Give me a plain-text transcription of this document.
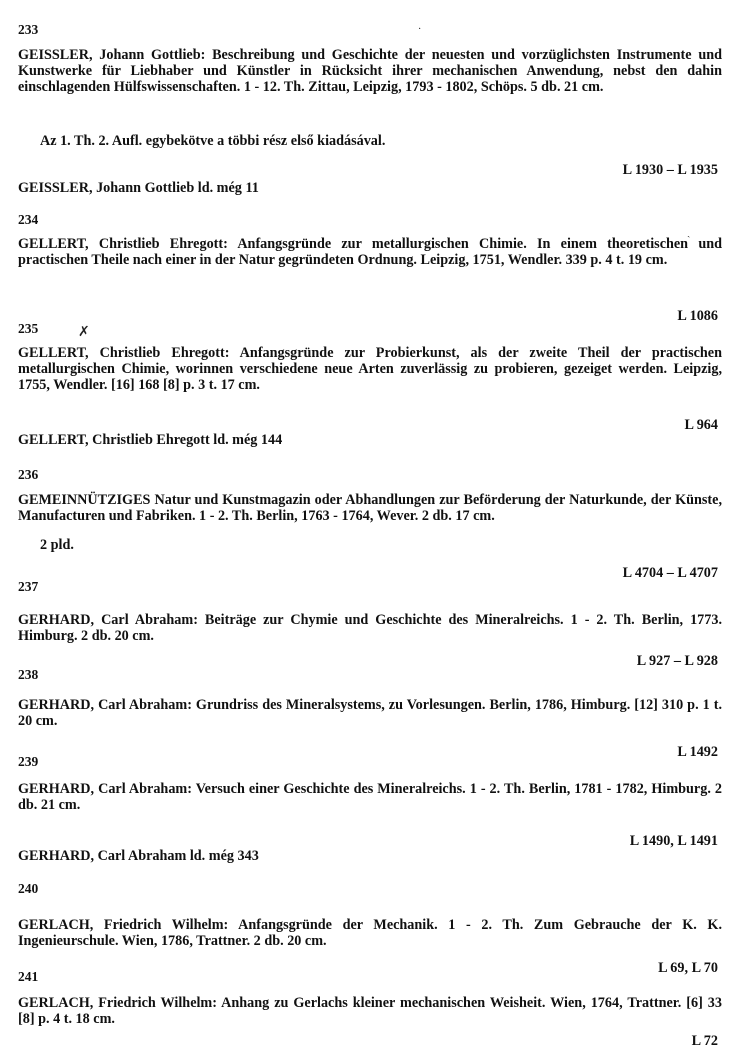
233
GEISSLER, Johann Gottlieb: Beschreibung und Geschichte der neuesten und vorzüglichsten Instrumente und Kunstwerke für Liebhaber und Künstler in Rücksicht ihrer mechanischen Anwendung, nebst den dahin einschlagenden Hülfswissenschaften. 1 - 12. Th. Zittau, Leipzig, 1793 - 1802, Schöps. 5 db. 21 cm.
Az 1. Th. 2. Aufl. egybekötve a többi rész első kiadásával.
L 1930 – L 1935
GEISSLER, Johann Gottlieb ld. még 11
234
GELLERT, Christlieb Ehregott: Anfangsgründe zur metallurgischen Chimie. In einem theoretischen und practischen Theile nach einer in der Natur gegründeten Ordnung. Leipzig, 1751, Wendler. 339 p. 4 t. 19 cm.
L 1086
235
GELLERT, Christlieb Ehregott: Anfangsgründe zur Probierkunst, als der zweite Theil der practischen metallurgischen Chimie, worinnen verschiedene neue Arten zuverlässig zu probieren, gezeiget werden. Leipzig, 1755, Wendler. [16] 168 [8] p. 3 t. 17 cm.
L 964
GELLERT, Christlieb Ehregott ld. még 144
236
GEMEINNÜTZIGES Natur und Kunstmagazin oder Abhandlungen zur Beförderung der Naturkunde, der Künste, Manufacturen und Fabriken. 1 - 2. Th. Berlin, 1763 - 1764, Wever. 2 db. 17 cm.
2 pld.
L 4704 – L 4707
237
GERHARD, Carl Abraham: Beiträge zur Chymie und Geschichte des Mineralreichs. 1 - 2. Th. Berlin, 1773. Himburg. 2 db. 20 cm.
L 927 – L 928
238
GERHARD, Carl Abraham: Grundriss des Mineralsystems, zu Vorlesungen. Berlin, 1786, Himburg. [12] 310 p. 1 t. 20 cm.
L 1492
239
GERHARD, Carl Abraham: Versuch einer Geschichte des Mineralreichs. 1 - 2. Th. Berlin, 1781 - 1782, Himburg. 2 db. 21 cm.
L 1490, L 1491
GERHARD, Carl Abraham ld. még 343
240
GERLACH, Friedrich Wilhelm: Anfangsgründe der Mechanik. 1 - 2. Th. Zum Gebrauche der K. K. Ingenieurschule. Wien, 1786, Trattner. 2 db. 20 cm.
L 69, L 70
241
GERLACH, Friedrich Wilhelm: Anhang zu Gerlachs kleiner mechanischen Weisheit. Wien, 1764, Trattner. [6] 33 [8] p. 4 t. 18 cm.
L 72
·
ˎ
✗
